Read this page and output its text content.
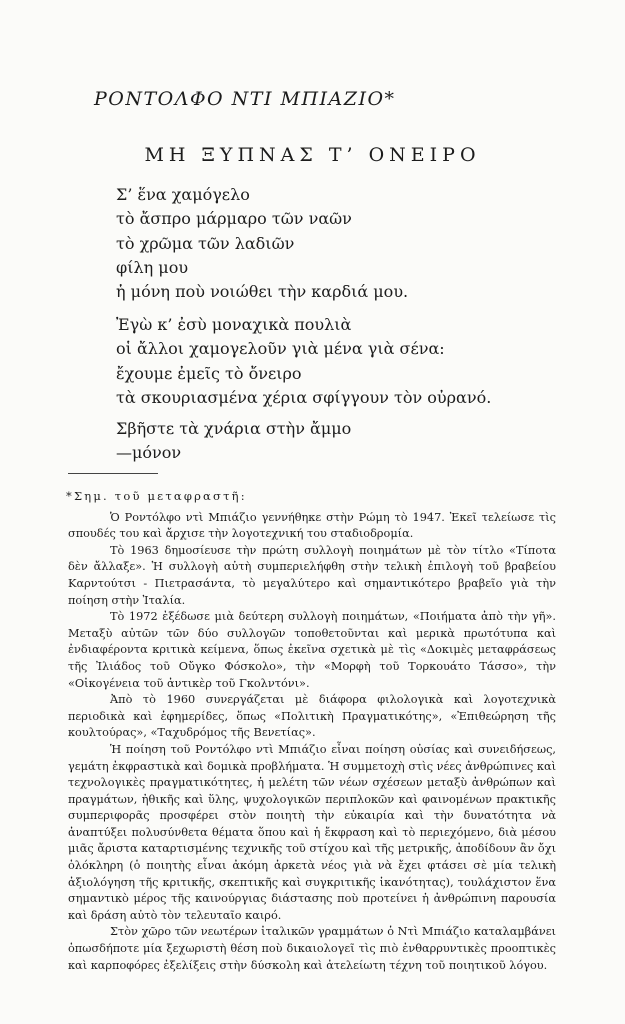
ΡΟΝΤΟΛΦΟ ΝΤΙ ΜΠΙΑΖΙΟ*
ΜΗ ΞΥΠΝΑΣ Τ’ ΟΝΕΙΡΟ
Σ’ ἕνα χαμόγελο
τὸ ἄσπρο μάρμαρο τῶν ναῶν
τὸ χρῶμα τῶν λαδιῶν
φίλη μου
ἡ μόνη ποὺ νοιώθει τὴν καρδιά μου.
Ἐγὼ κ’ ἐσὺ μοναχικὰ πουλιὰ
οἱ ἄλλοι χαμογελοῦν γιὰ μένα γιὰ σένα:
ἔχουμε ἐμεῖς τὸ ὄνειρο
τὰ σκουριασμένα χέρια σφίγγουν τὸν οὐρανό.
Σβῆστε τὰ χνάρια στὴν ἄμμο
—μόνον
*Σημ. τοῦ μεταφραστῆ:

Ὁ Ροντόλφο ντὶ Μπιάζιο γεννήθηκε στὴν Ρώμη τὸ 1947. Ἐκεῖ τελείωσε τὶς σπουδές του καὶ ἄρχισε τὴν λογοτεχνική του σταδιοδρομία.

Τὸ 1963 δημοσίευσε τὴν πρώτη συλλογὴ ποιημάτων μὲ τὸν τίτλο «Τίποτα δὲν ἄλλαξε». Ἡ συλλογὴ αὐτὴ συμπεριελήφθη στὴν τελικὴ ἐπιλογὴ τοῦ βραβείου Καρντούτσι - Πιετρασάντα, τὸ μεγαλύτερο καὶ σημαντικότερο βραβεῖο γιὰ τὴν ποίηση στὴν Ἰταλία.

Τὸ 1972 ἐξέδωσε μιὰ δεύτερη συλλογὴ ποιημάτων, «Ποιήματα ἀπὸ τὴν γῆ». Μεταξὺ αὐτῶν τῶν δύο συλλογῶν τοποθετοῦνται καὶ μερικὰ πρωτότυπα καὶ ἐνδιαφέροντα κριτικὰ κείμενα, ὅπως ἐκεῖνα σχετικὰ μὲ τὶς «Δοκιμὲς μεταφράσεως τῆς Ἰλιάδος τοῦ Οὔγκο Φόσκολο», τὴν «Μορφὴ τοῦ Τορκουάτο Τάσσο», τὴν «Οἰκογένεια τοῦ ἀντικὲρ τοῦ Γκολντόνι».

Ἀπὸ τὸ 1960 συνεργάζεται μὲ διάφορα φιλολογικὰ καὶ λογοτεχνικὰ περιοδικὰ καὶ ἐφημερίδες, ὅπως «Πολιτικὴ Πραγματικότης», «Ἐπιθεώρηση τῆς κουλτούρας», «Ταχυδρόμος τῆς Βενετίας».

Ἡ ποίηση τοῦ Ροντόλφο ντὶ Μπιάζιο εἶναι ποίηση οὐσίας καὶ συνειδήσεως, γεμάτη ἐκφραστικὰ καὶ δομικὰ προβλήματα. Ἡ συμμετοχὴ στὶς νέες ἀνθρώπινες καὶ τεχνολογικὲς πραγματικότητες, ἡ μελέτη τῶν νέων σχέσεων μεταξὺ ἀνθρώπων καὶ πραγμάτων, ἠθικῆς καὶ ὕλης, ψυχολογικῶν περιπλοκῶν καὶ φαινομένων πρακτικῆς συμπεριφορᾶς προσφέρει στὸν ποιητὴ τὴν εὐκαιρία καὶ τὴν δυνατότητα νὰ ἀναπτύξει πολυσύνθετα θέματα ὅπου καὶ ἡ ἔκφραση καὶ τὸ περιεχόμενο, διὰ μέσου μιᾶς ἄριστα καταρτισμένης τεχνικῆς τοῦ στίχου καὶ τῆς μετρικῆς, ἀποδίδουν ἂν ὄχι ὁλόκληρη (ὁ ποιητὴς εἶναι ἀκόμη ἀρκετὰ νέος γιὰ νὰ ἔχει φτάσει σὲ μία τελικὴ ἀξιολόγηση τῆς κριτικῆς, σκεπτικῆς καὶ συγκριτικῆς ἱκανότητας), τουλάχιστον ἕνα σημαντικὸ μέρος τῆς καινούργιας διάστασης ποὺ προτείνει ἡ ἀνθρώπινη παρουσία καὶ δράση αὐτὸ τὸν τελευταῖο καιρό.

Στὸν χῶρο τῶν νεωτέρων ἰταλικῶν γραμμάτων ὁ Ντὶ Μπιάζιο καταλαμβάνει ὁπωσδήποτε μία ξεχωριστὴ θέση ποὺ δικαιολογεῖ τὶς πιὸ ἐνθαρρυντικὲς προοπτικὲς καὶ καρποφόρες ἐξελίξεις στὴν δύσκολη καὶ ἀτελείωτη τέχνη τοῦ ποιητικοῦ λόγου.
